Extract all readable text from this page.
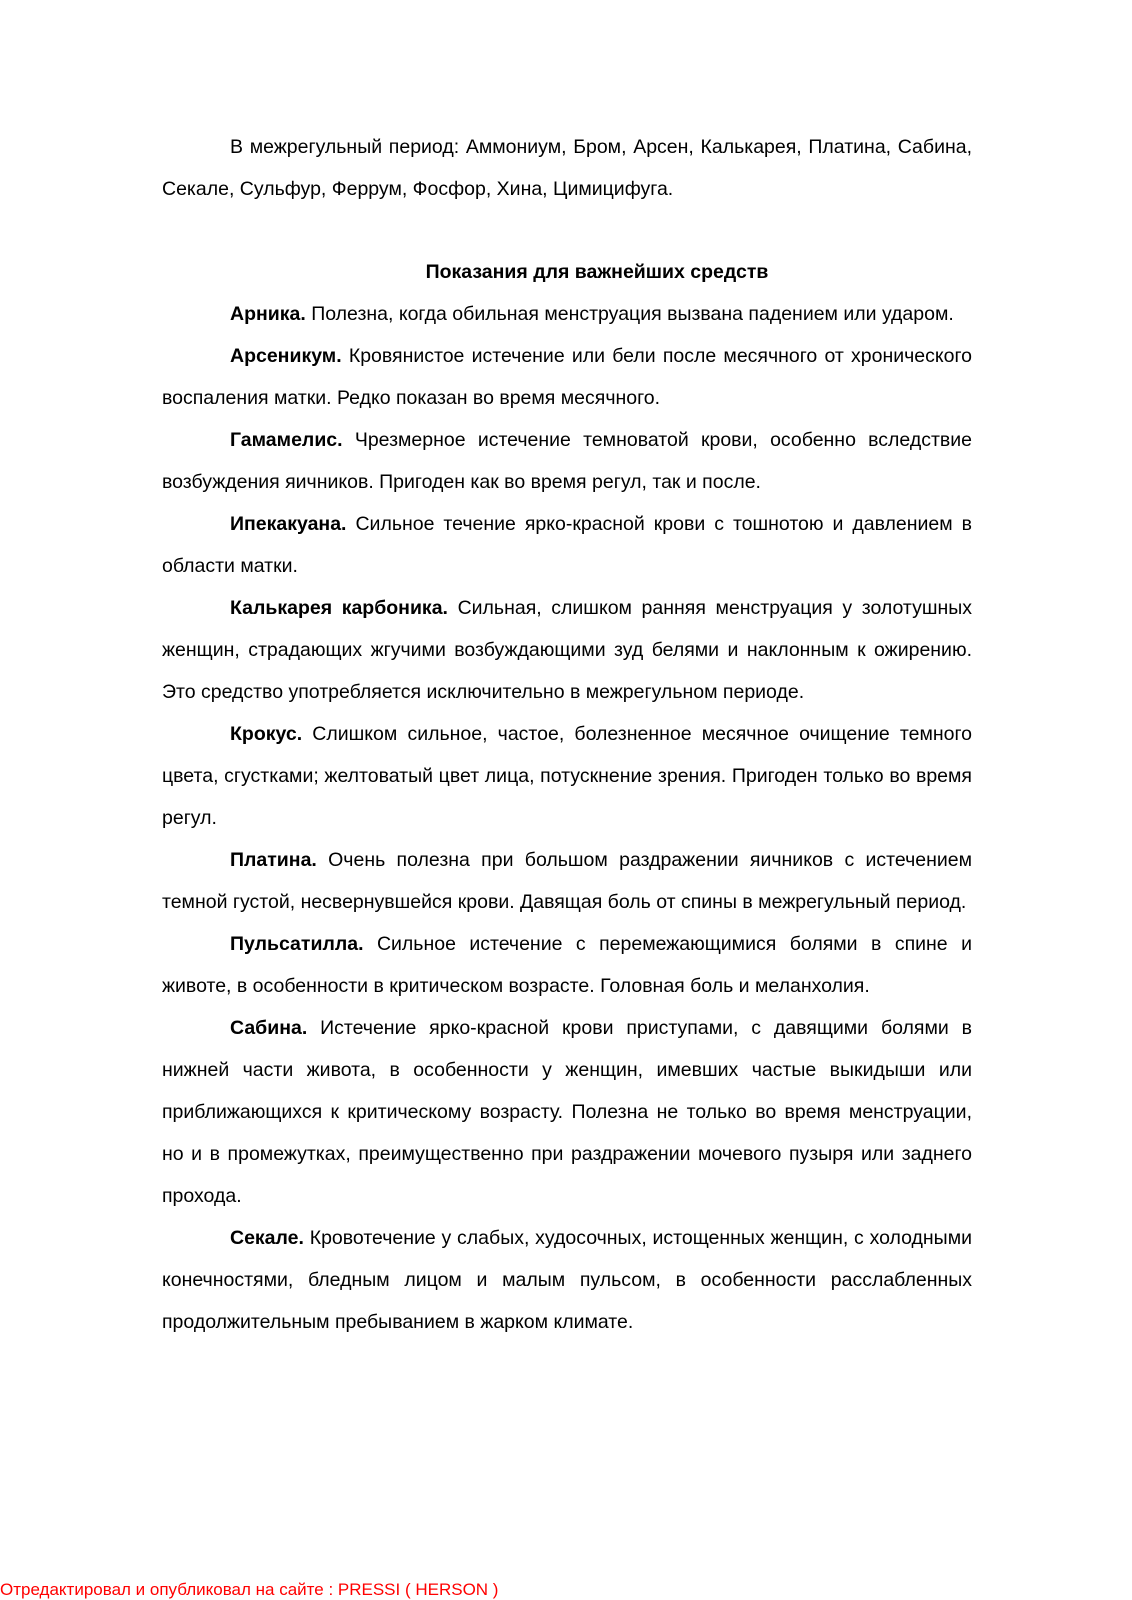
В межрегульный период: Аммониум, Бром, Арсен, Калькарея, Платина, Сабина, Секале, Сульфур, Феррум, Фосфор, Хина, Цимицифуга.

Показания для важнейших средств

Арника. Полезна, когда обильная менструация вызвана падением или ударом.

Арсеникум. Кровянистое истечение или бели после месячного от хронического воспаления матки. Редко показан во время месячного.

Гамамелис. Чрезмерное истечение темноватой крови, особенно вследствие возбуждения яичников. Пригоден как во время регул, так и после.

Ипекакуана. Сильное течение ярко-красной крови с тошнотою и давлением в области матки.

Калькарея карбоника. Сильная, слишком ранняя менструация у золотушных женщин, страдающих жгучими возбуждающими зуд белями и наклонным к ожирению. Это средство употребляется исключительно в межрегульном периоде.

Крокус. Слишком сильное, частое, болезненное месячное очищение темного цвета, сгустками; желтоватый цвет лица, потускнение зрения. Пригоден только во время регул.

Платина. Очень полезна при большом раздражении яичников с истечением темной густой, несвернувшейся крови. Давящая боль от спины в межрегульный период.

Пульсатилла. Сильное истечение с перемежающимися болями в спине и животе, в особенности в критическом возрасте. Головная боль и меланхолия.

Сабина. Истечение ярко-красной крови приступами, с давящими болями в нижней части живота, в особенности у женщин, имевших частые выкидыши или приближающихся к критическому возрасту. Полезна не только во время менструации, но и в промежутках, преимущественно при раздражении мочевого пузыря или заднего прохода.

Секале. Кровотечение у слабых, худосочных, истощенных женщин, с холодными конечностями, бледным лицом и малым пульсом, в особенности расслабленных продолжительным пребыванием в жарком климате.

Отредактировал и опубликовал на сайте : PRESSI ( HERSON )
